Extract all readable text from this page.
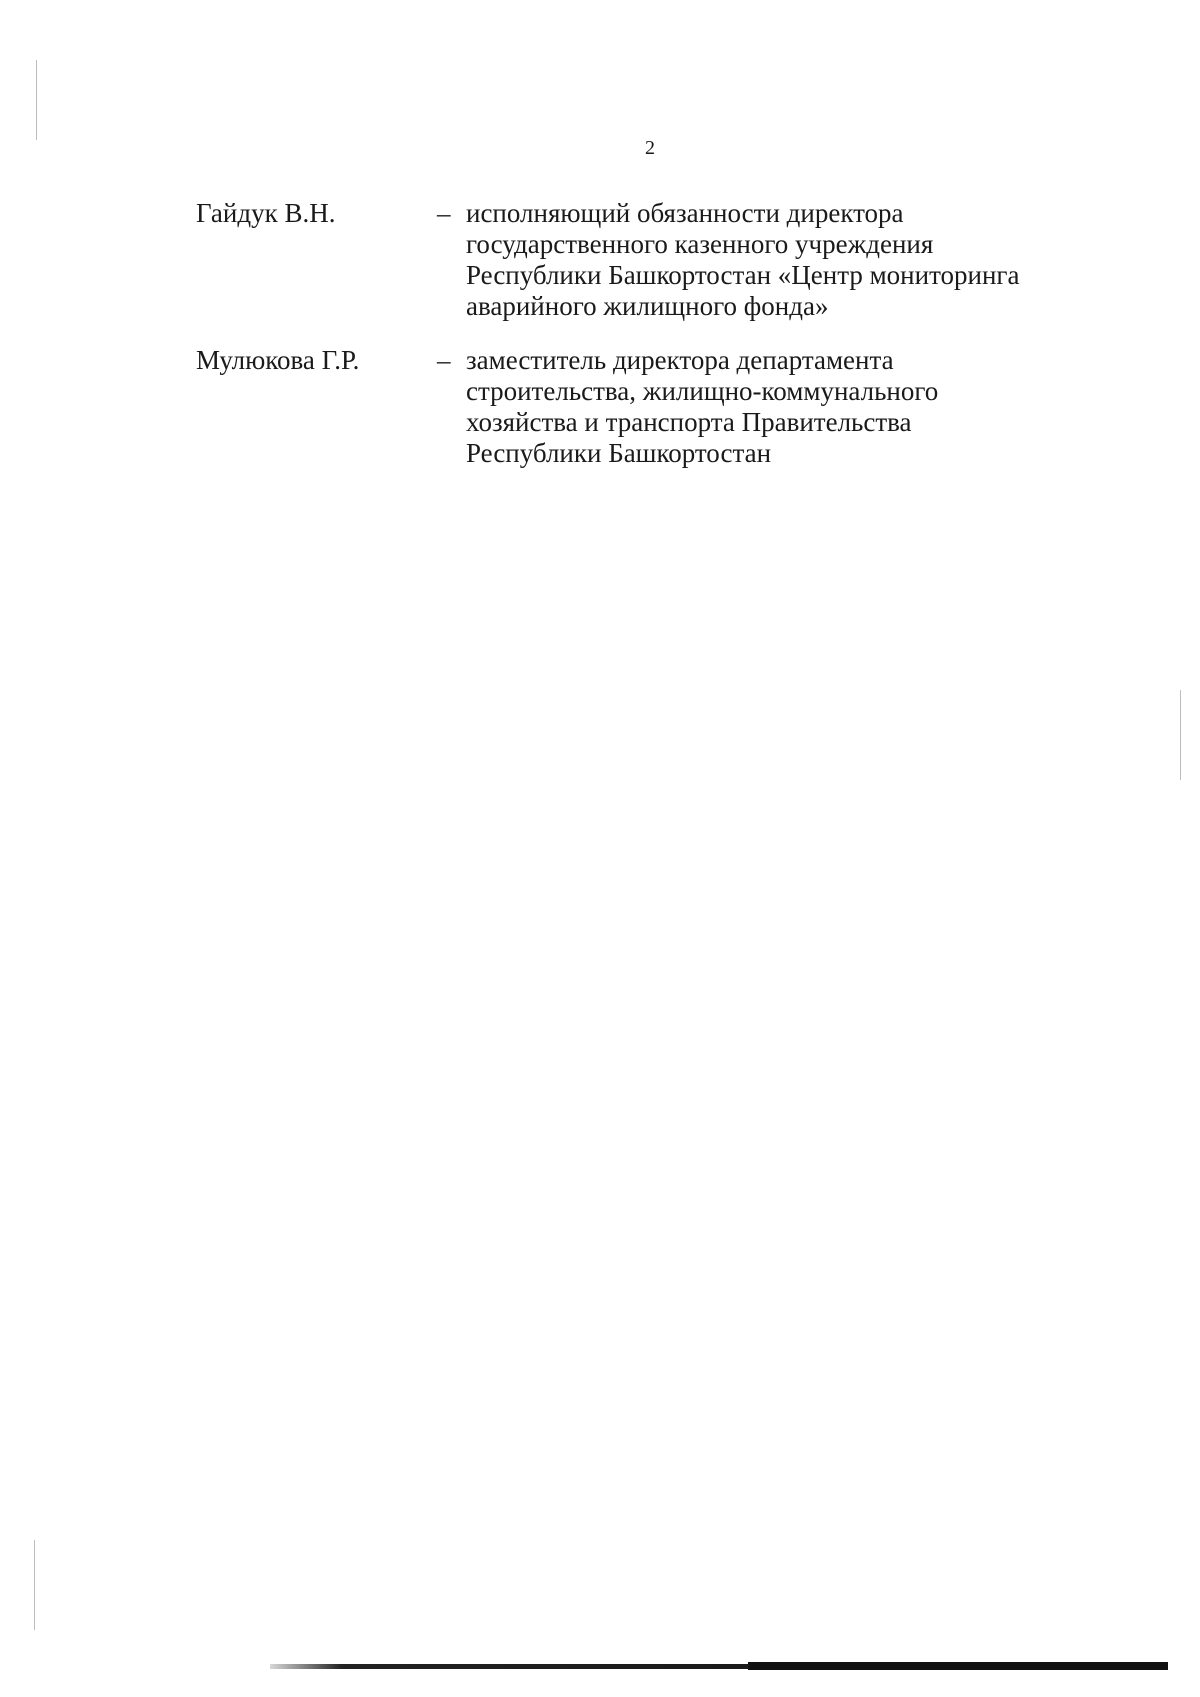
2
Гайдук В.Н.	– исполняющий обязанности директора
государственного казенного учреждения
Республики Башкортостан «Центр мониторинга
аварийного жилищного фонда»
Мулюкова Г.Р.	– заместитель директора департамента
строительства, жилищно-коммунального
хозяйства и транспорта Правительства
Республики Башкортостан
